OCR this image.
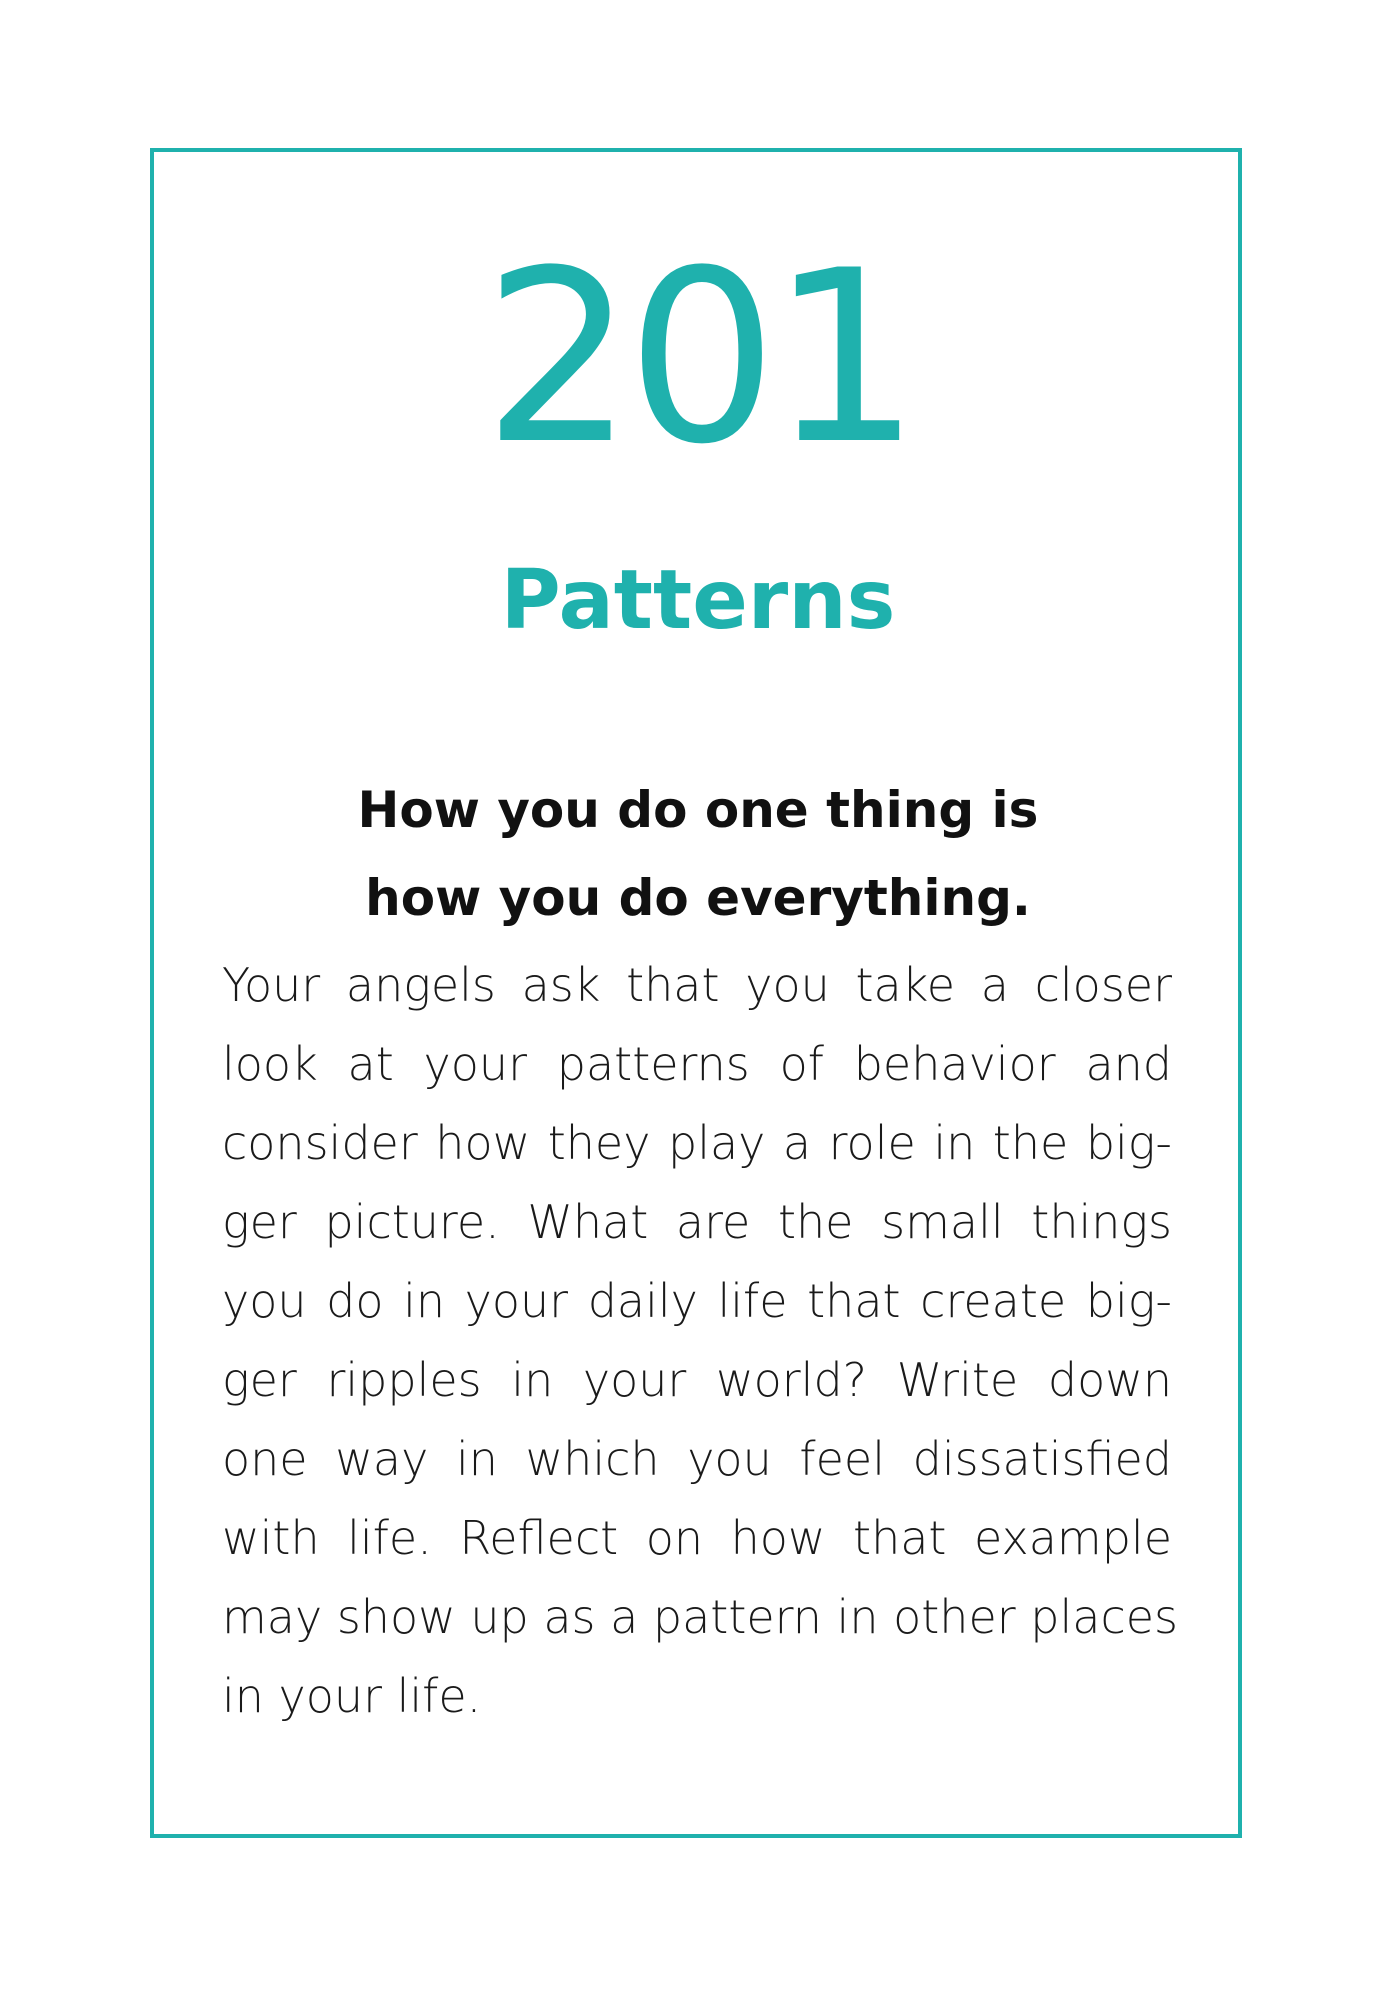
201
Patterns
How you do one thing is
how you do everything.
Your angels ask that you take a closer
look at your patterns of behavior and
consider how they play a role in the big-
ger picture. What are the small things
you do in your daily life that create big-
ger ripples in your world? Write down
one way in which you feel dissatisfied
with life. Reflect on how that example
may show up as a pattern in other places
in your life.
